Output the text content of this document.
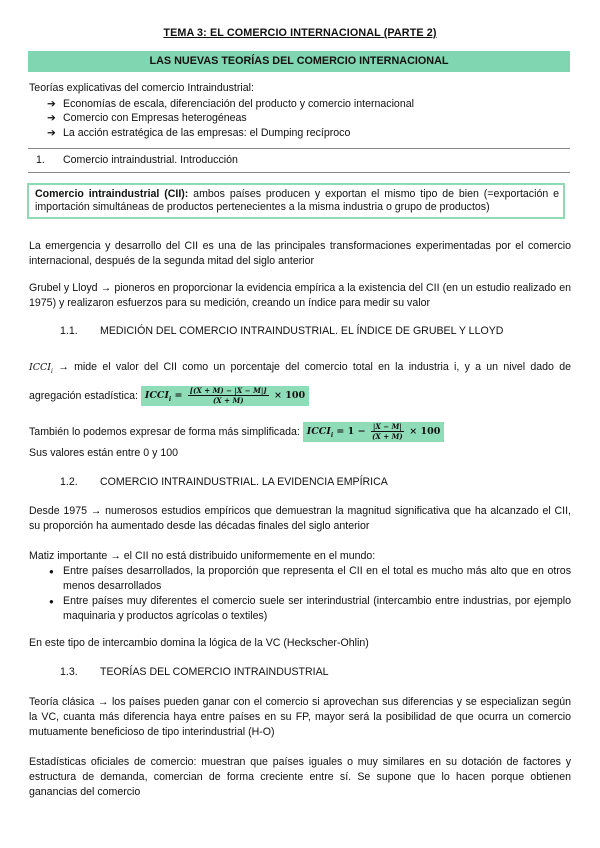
TEMA 3: EL COMERCIO INTERNACIONAL (PARTE 2)
LAS NUEVAS TEORÍAS DEL COMERCIO INTERNACIONAL

Teorías explicativas del comercio Intraindustrial:

➔ Economías de escala, diferenciación del producto y comercio internacional
➔ Comercio con Empresas heterogéneas
➔ La acción estratégica de las empresas: el Dumping recíproco
1. Comercio intraindustrial. Introducción
Comercio intraindustrial (CII): ambos países producen y exportan el mismo tipo de bien (=exportación e importación simultáneas de productos pertenecientes a la misma industria o grupo de productos)
La emergencia y desarrollo del CII es una de las principales transformaciones experimentadas por el comercio internacional, después de la segunda mitad del siglo anterior
Grubel y Lloyd → pioneros en proporcionar la evidencia empírica a la existencia del CII (en un estudio realizado en 1975) y realizaron esfuerzos para su medición, creando un índice para medir su valor
1.1. MEDICIÓN DEL COMERCIO INTRAINDUSTRIAL. EL ÍNDICE DE GRUBEL Y LLOYD
$ICCI_i$ → mide el valor del CII como un porcentaje del comercio total en la industria i, y a un nivel dado de agregación estadística: $ICCI_i = \frac{[(X + M) - |X - M|]}{(X + M)} \times 100$
También lo podemos expresar de forma más simplificada: $ICCI_i = 1 - \frac{|X - M|}{(X + M)} \times 100$
Sus valores están entre 0 y 100
1.2. COMERCIO INTRAINDUSTRIAL. LA EVIDENCIA EMPÍRICA
Desde 1975 → numerosos estudios empíricos que demuestran la magnitud significativa que ha alcanzado el CII, su proporción ha aumentado desde las décadas finales del siglo anterior
Matiz importante → el CII no está distribuido uniformemente en el mundo:
● Entre países desarrollados, la proporción que representa el CII en el total es mucho más alto que en otros menos desarrollados
● Entre países muy diferentes el comercio suele ser interindustrial (intercambio entre industrias, por ejemplo maquinaria y productos agrícolas o textiles)
En este tipo de intercambio domina la lógica de la VC (Heckscher-Ohlin)
1.3. TEORÍAS DEL COMERCIO INTRAINDUSTRIAL
Teoría clásica → los países pueden ganar con el comercio si aprovechan sus diferencias y se especializan según la VC, cuanta más diferencia haya entre países en su FP, mayor será la posibilidad de que ocurra un comercio mutuamente beneficioso de tipo interindustrial (H-O)
Estadísticas oficiales de comercio: muestran que países iguales o muy similares en su dotación de factores y estructura de demanda, comercian de forma creciente entre sí. Se supone que lo hacen porque obtienen ganancias del comercio
